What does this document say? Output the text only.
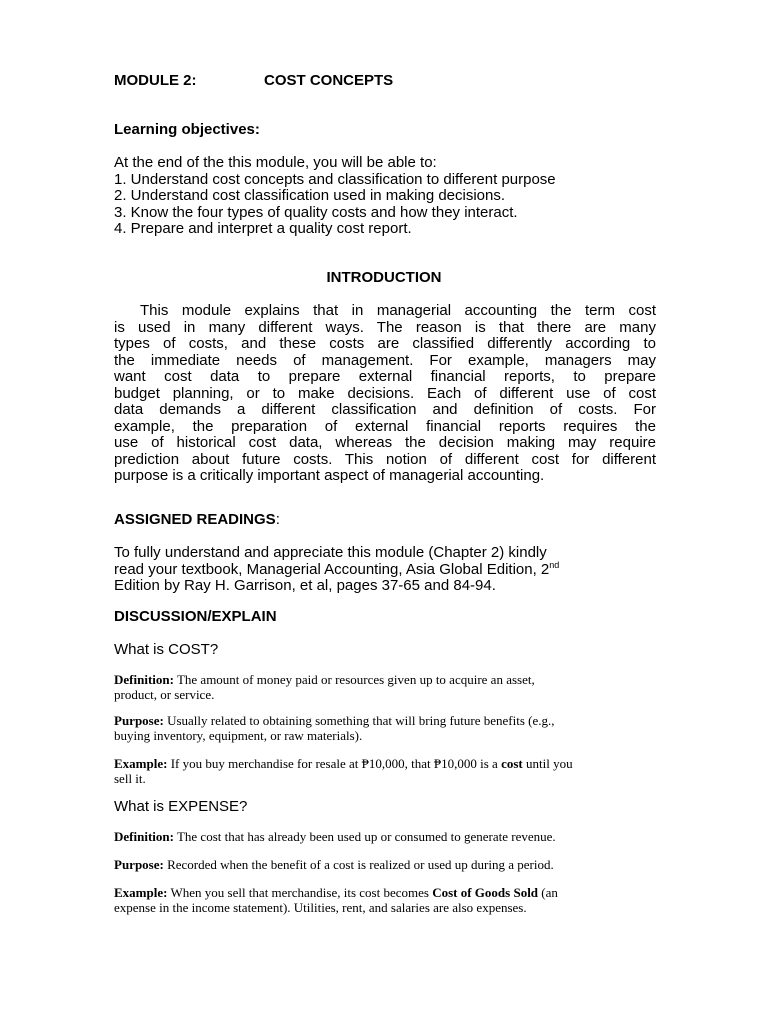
MODULE 2:	COST CONCEPTS
Learning objectives:
At the end of the this module, you will be able to:
1. Understand cost concepts and classification to different purpose
2. Understand cost classification used in making decisions.
3. Know the four types of quality costs and how they interact.
4. Prepare and interpret a quality cost report.
INTRODUCTION
This module explains that in managerial accounting the term cost
is used in many different ways. The reason is that there are many
types of costs, and these costs are classified differently according to
the immediate needs of management. For example, managers may
want cost data to prepare external financial reports, to prepare
budget planning, or to make decisions. Each of different use of cost
data demands a different classification and definition of costs. For
example, the preparation of external financial reports requires the
use of historical cost data, whereas the decision making may require
prediction about future costs. This notion of different cost for different
purpose is a critically important aspect of managerial accounting.
ASSIGNED READINGS:
To fully understand and appreciate this module (Chapter 2) kindly
read your textbook, Managerial Accounting, Asia Global Edition, 2nd
Edition by Ray H. Garrison, et al, pages 37-65 and 84-94.
DISCUSSION/EXPLAIN
What is COST?
Definition: The amount of money paid or resources given up to acquire an asset,
product, or service.
Purpose: Usually related to obtaining something that will bring future benefits (e.g.,
buying inventory, equipment, or raw materials).
Example: If you buy merchandise for resale at ₱10,000, that ₱10,000 is a cost until you
sell it.
What is EXPENSE?
Definition: The cost that has already been used up or consumed to generate revenue.
Purpose: Recorded when the benefit of a cost is realized or used up during a period.
Example: When you sell that merchandise, its cost becomes Cost of Goods Sold (an
expense in the income statement). Utilities, rent, and salaries are also expenses.
